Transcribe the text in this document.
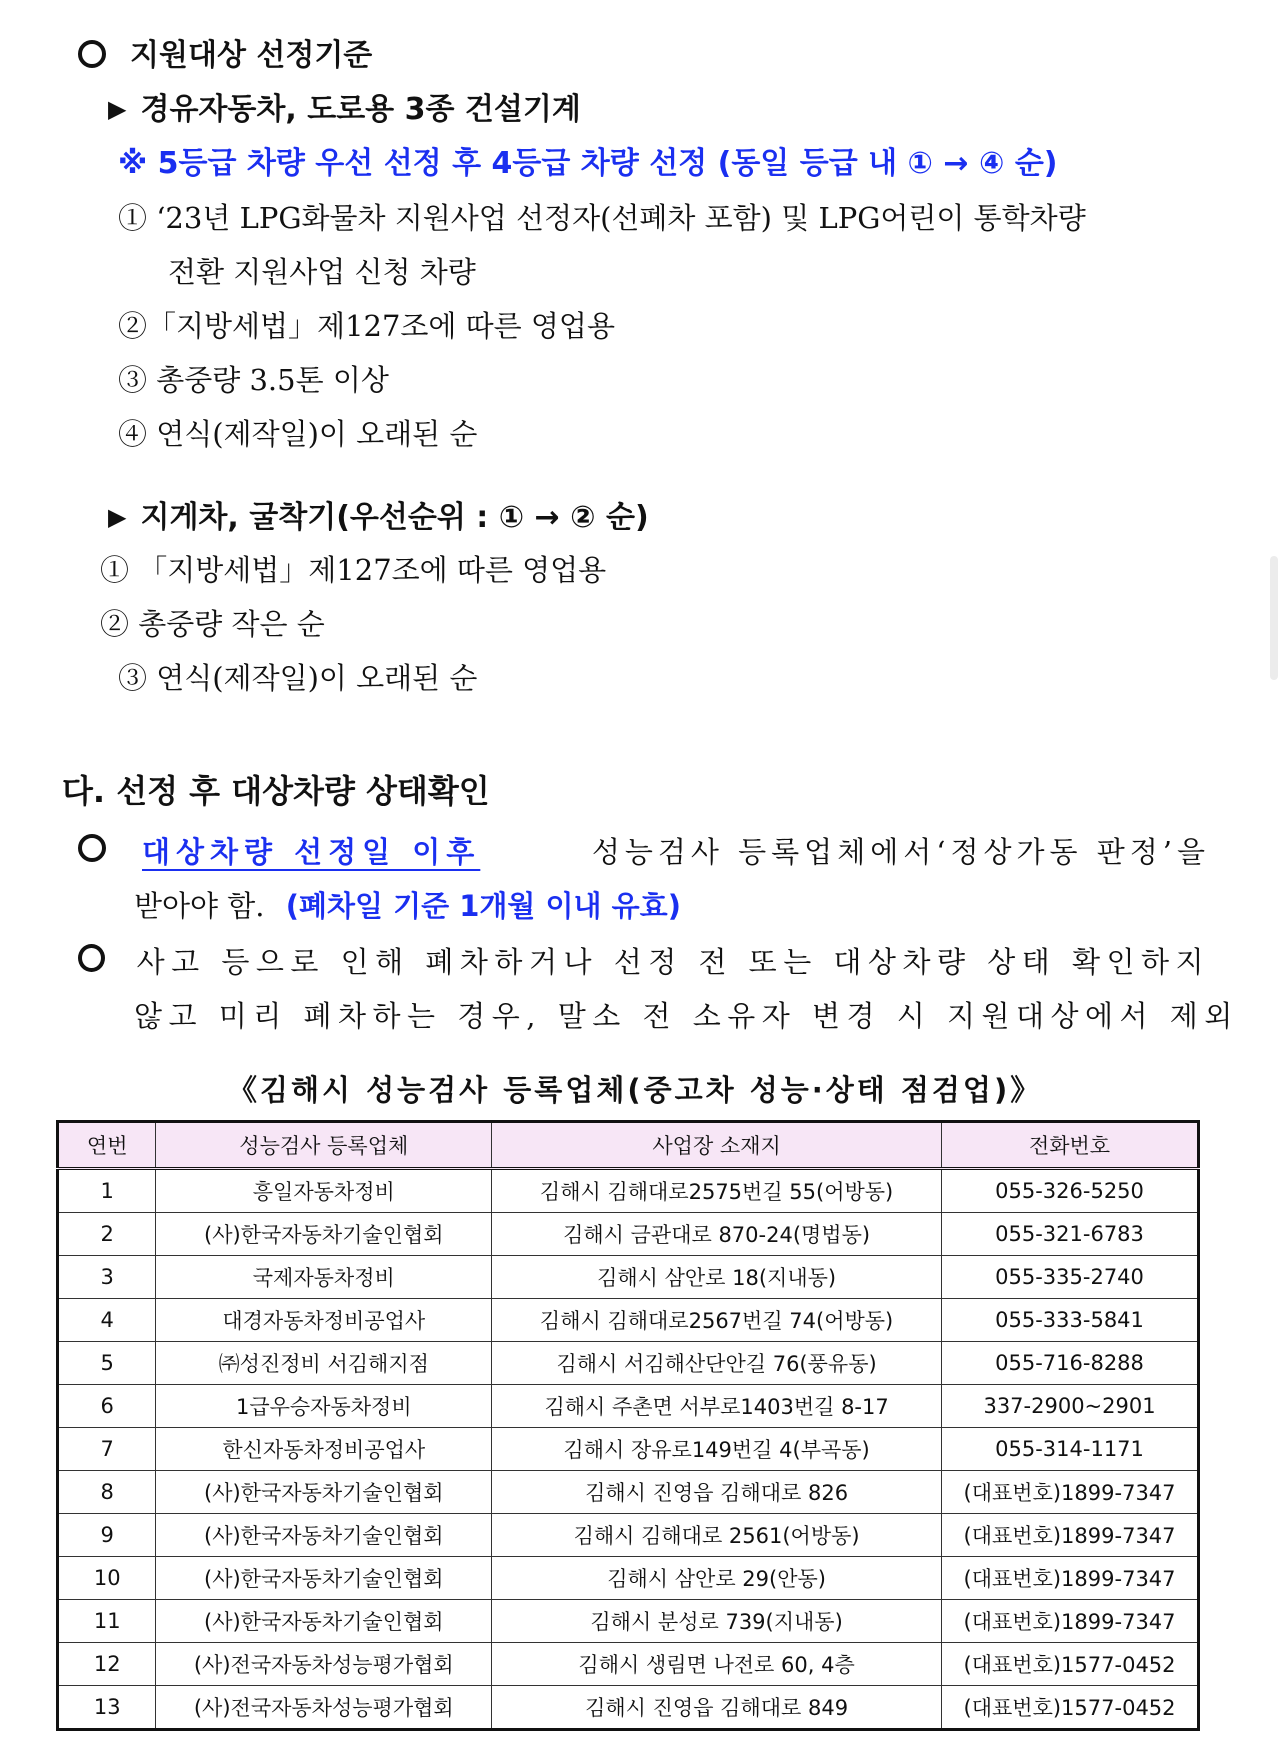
지원대상 선정기준
▶ 경유자동차, 도로용 3종 건설기계
※ 5등급 차량 우선 선정 후 4등급 차량 선정 (동일 등급 내 ① → ④ 순)
① ‘23년 LPG화물차 지원사업 선정자(선폐차 포함) 및 LPG어린이 통학차량
전환 지원사업 신청 차량
②「지방세법」제127조에 따른 영업용
③ 총중량 3.5톤 이상
④ 연식(제작일)이 오래된 순
▶ 지게차, 굴착기(우선순위 : ① → ② 순)
① 「지방세법」제127조에 따른 영업용
② 총중량 작은 순
③ 연식(제작일)이 오래된 순
다. 선정 후 대상차량 상태확인
대상차량 선정일 이후	성능검사 등록업체에서‘정상가동 판정’을
받아야 함. (폐차일 기준 1개월 이내 유효)
사고 등으로 인해 폐차하거나 선정 전 또는 대상차량 상태 확인하지
않고 미리 폐차하는 경우, 말소 전 소유자 변경 시 지원대상에서 제외
《김해시 성능검사 등록업체(중고차 성능·상태 점검업)》
연번	성능검사 등록업체	사업장 소재지	전화번호
1	흥일자동차정비	김해시 김해대로2575번길 55(어방동)	055-326-5250
2	(사)한국자동차기술인협회	김해시 금관대로 870-24(명법동)	055-321-6783
3	국제자동차정비	김해시 삼안로 18(지내동)	055-335-2740
4	대경자동차정비공업사	김해시 김해대로2567번길 74(어방동)	055-333-5841
5	㈜성진정비 서김해지점	김해시 서김해산단안길 76(풍유동)	055-716-8288
6	1급우승자동차정비	김해시 주촌면 서부로1403번길 8-17	337-2900~2901
7	한신자동차정비공업사	김해시 장유로149번길 4(부곡동)	055-314-1171
8	(사)한국자동차기술인협회	김해시 진영읍 김해대로 826	(대표번호)1899-7347
9	(사)한국자동차기술인협회	김해시 김해대로 2561(어방동)	(대표번호)1899-7347
10	(사)한국자동차기술인협회	김해시 삼안로 29(안동)	(대표번호)1899-7347
11	(사)한국자동차기술인협회	김해시 분성로 739(지내동)	(대표번호)1899-7347
12	(사)전국자동차성능평가협회	김해시 생림면 나전로 60, 4층	(대표번호)1577-0452
13	(사)전국자동차성능평가협회	김해시 진영읍 김해대로 849	(대표번호)1577-0452
